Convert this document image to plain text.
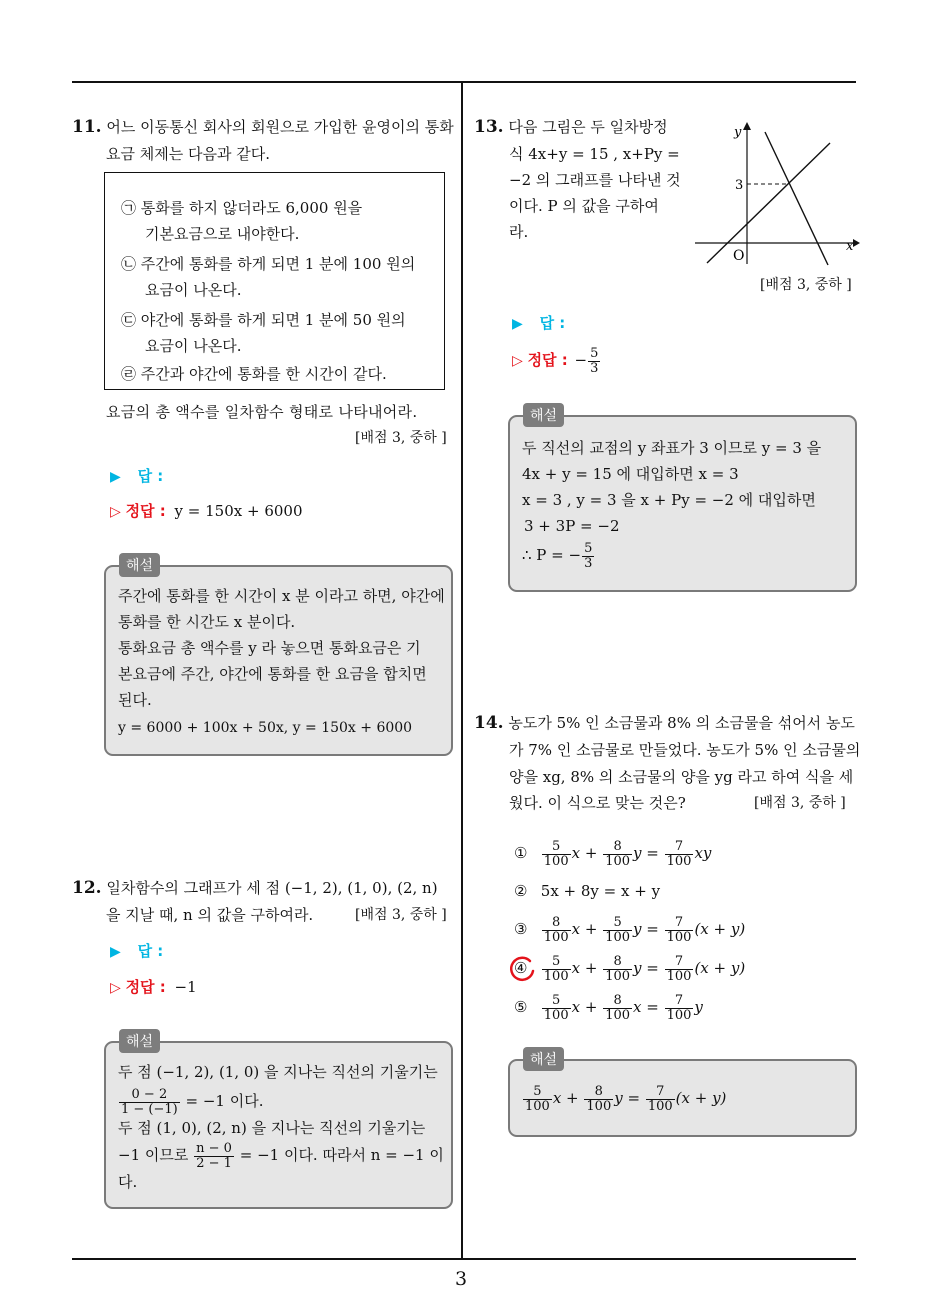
3
11. 어느 이동통신 회사의 회원으로 가입한 윤영이의 통화
요금 체제는 다음과 같다.
㉠ 통화를 하지 않더라도 6,000 원을
기본요금으로 내야한다.
㉡ 주간에 통화를 하게 되면 1 분에 100 원의
요금이 나온다.
㉢ 야간에 통화를 하게 되면 1 분에 50 원의
요금이 나온다.
㉣ 주간과 야간에 통화를 한 시간이 같다.
요금의 총 액수를 일차함수 형태로 나타내어라.
[배점 3, 중하 ]
▶ 답 :
▷ 정답 : y = 150x + 6000
주간에 통화를 한 시간이 x 분 이라고 하면, 야간에
통화를 한 시간도 x 분이다.
통화요금 총 액수를 y 라 놓으면 통화요금은 기
본요금에 주간, 야간에 통화를 한 요금을 합치면
된다.
y = 6000 + 100x + 50x, y = 150x + 6000
해설
12. 일차함수의 그래프가 세 점 (−1, 2), (1, 0), (2, n)
을 지날 때, n 의 값을 구하여라.	[배점 3, 중하 ]
▶ 답 :
▷ 정답 : −1
두 점 (−1, 2), (1, 0) 을 지나는 직선의 기울기는
$\frac{0 - 2}{1 - (-1)} = -1$ 이다.
두 점 (1, 0), (2, n) 을 지나는 직선의 기울기는
−1 이므로 $\frac{n - 0}{2 - 1} = -1$ 이다. 따라서 n = −1 이
다.
해설
13. 다음 그림은 두 일차방정
식 4x+y = 15 , x+Py =
−2 의 그래프를 나타낸 것
이다. P 의 값을 구하여
라.
y
x
O
3
[배점 3, 중하 ]
▶ 답 :
▷ 정답 : − $\frac{5}{3}$
두 직선의 교점의 y 좌표가 3 이므로 y = 3 을
4x + y = 15 에 대입하면 x = 3
x = 3 , y = 3 을 x + Py = −2 에 대입하면
3 + 3P = −2
∴ P = − $\frac{5}{3}$
해설
14. 농도가 5% 인 소금물과 8% 의 소금물을 섞어서 농도
가 7% 인 소금물로 만들었다. 농도가 5% 인 소금물의
양을 xg, 8% 의 소금물의 양을 yg 라고 하여 식을 세
웠다. 이 식으로 맞는 것은?	[배점 3, 중하 ]
① $\frac{5}{100}$ $x + \frac{8}{100}$ $y = \frac{7}{100}$ xy
② 5x + 8y = x + y
③ $\frac{8}{100}$ $x + \frac{5}{100}$ $y = \frac{7}{100} (x + y)$
④ $\frac{5}{100}$ $x + \frac{8}{100}$ $y = \frac{7}{100} (x + y)$
⑤ $\frac{5}{100}$ $x + \frac{8}{100}$ $x = \frac{7}{100}$ y
$\frac{5}{100}$ $x + \frac{8}{100}$ $y = \frac{7}{100} (x + y)$
해설
